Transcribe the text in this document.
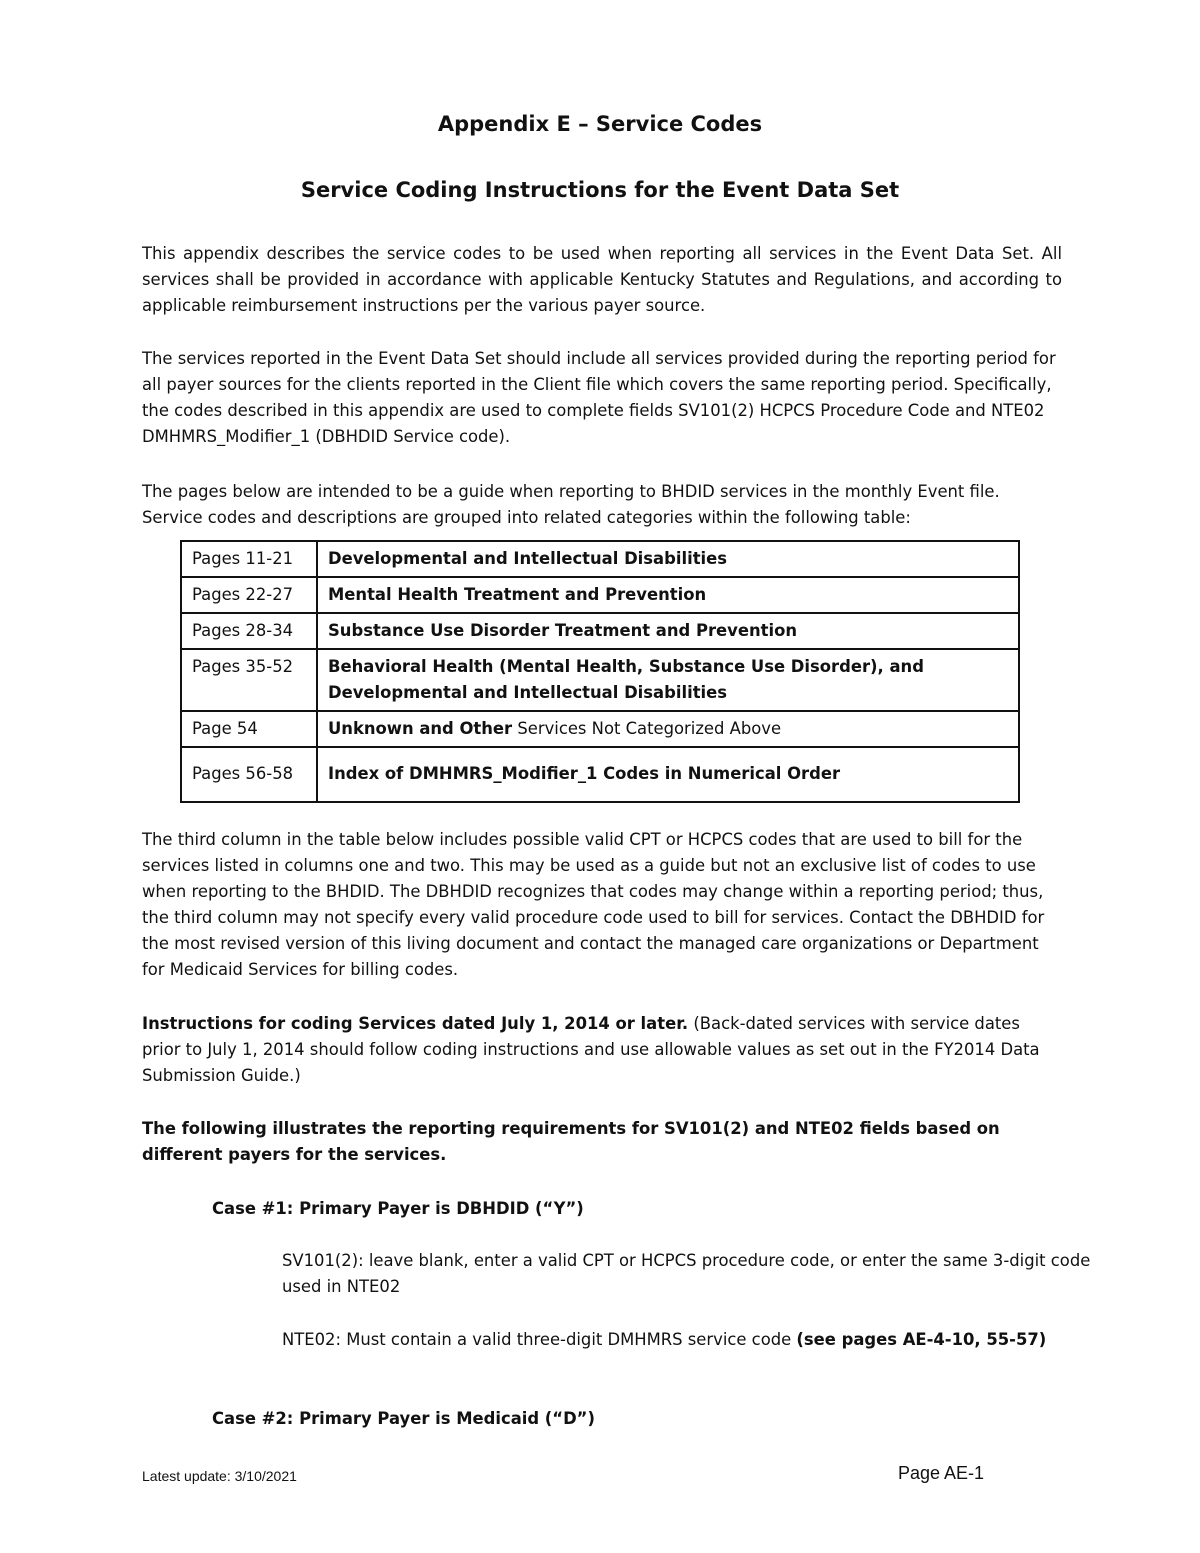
Appendix E – Service Codes
Service Coding Instructions for the Event Data Set

This appendix describes the service codes to be used when reporting all services in the Event Data Set. All services shall be provided in accordance with applicable Kentucky Statutes and Regulations, and according to applicable reimbursement instructions per the various payer source.

The services reported in the Event Data Set should include all services provided during the reporting period for all payer sources for the clients reported in the Client file which covers the same reporting period. Specifically, the codes described in this appendix are used to complete fields SV101(2) HCPCS Procedure Code and NTE02 DMHMRS_Modifier_1 (DBHDID Service code).

The pages below are intended to be a guide when reporting to BHDID services in the monthly Event file. Service codes and descriptions are grouped into related categories within the following table:

Pages 11-21	Developmental and Intellectual Disabilities
Pages 22-27	Mental Health Treatment and Prevention
Pages 28-34	Substance Use Disorder Treatment and Prevention
Pages 35-52	Behavioral Health (Mental Health, Substance Use Disorder), and Developmental and Intellectual Disabilities
Page 54	Unknown and Other Services Not Categorized Above
Pages 56-58	Index of DMHMRS_Modifier_1 Codes in Numerical Order

The third column in the table below includes possible valid CPT or HCPCS codes that are used to bill for the services listed in columns one and two. This may be used as a guide but not an exclusive list of codes to use when reporting to the BHDID. The DBHDID recognizes that codes may change within a reporting period; thus, the third column may not specify every valid procedure code used to bill for services. Contact the DBHDID for the most revised version of this living document and contact the managed care organizations or Department for Medicaid Services for billing codes.

Instructions for coding Services dated July 1, 2014 or later. (Back-dated services with service dates prior to July 1, 2014 should follow coding instructions and use allowable values as set out in the FY2014 Data Submission Guide.)

The following illustrates the reporting requirements for SV101(2) and NTE02 fields based on different payers for the services.

Case #1: Primary Payer is DBHDID (“Y”)

SV101(2): leave blank, enter a valid CPT or HCPCS procedure code, or enter the same 3-digit code used in NTE02

NTE02: Must contain a valid three-digit DMHMRS service code (see pages AE-4-10, 55-57)

Case #2: Primary Payer is Medicaid (“D”)

Latest update: 3/10/2021	Page AE-1
